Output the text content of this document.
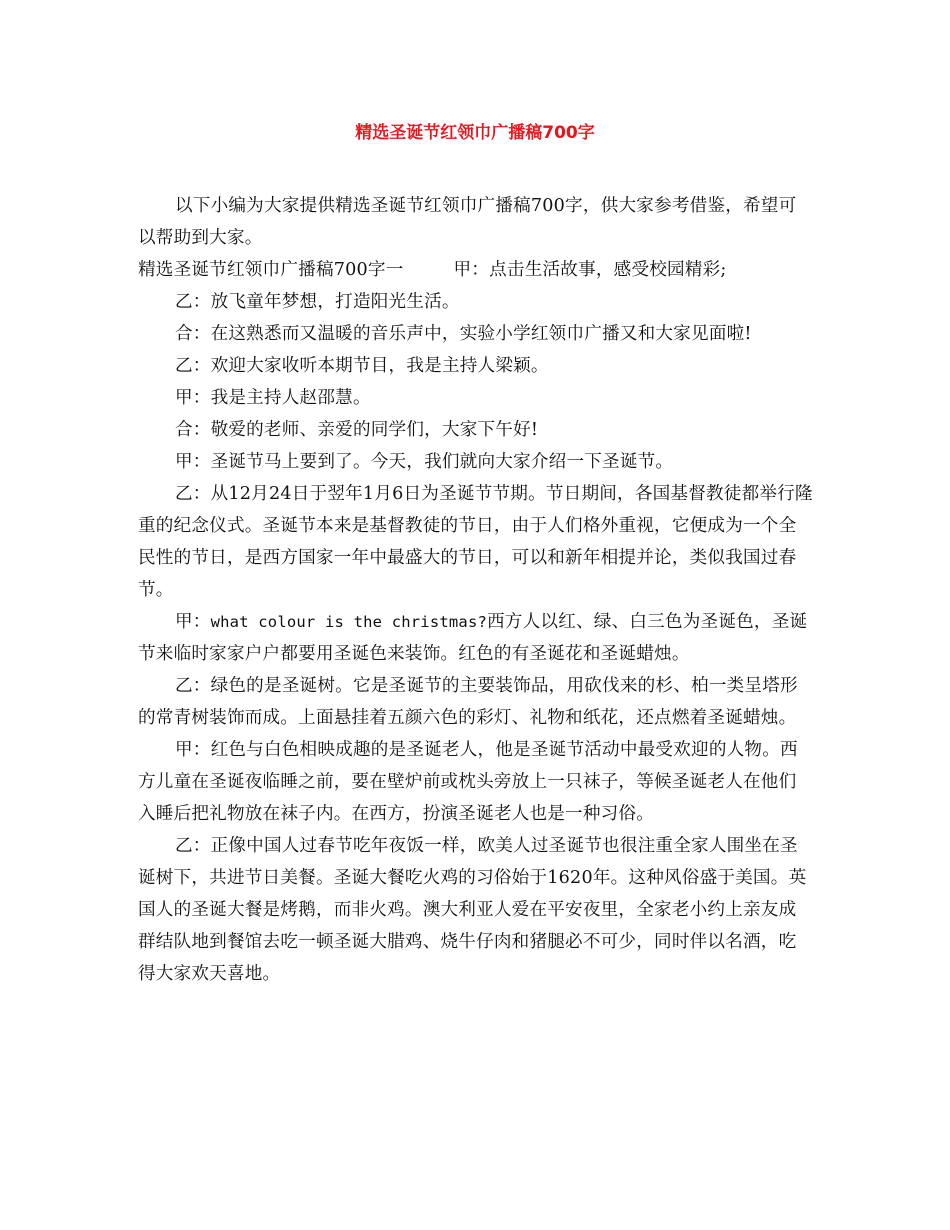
精选圣诞节红领巾广播稿700字

以下小编为大家提供精选圣诞节红领巾广播稿700字，供大家参考借鉴，希望可以帮助到大家。

精选圣诞节红领巾广播稿700字一	甲：点击生活故事，感受校园精彩;

乙：放飞童年梦想，打造阳光生活。

合：在这熟悉而又温暖的音乐声中，实验小学红领巾广播又和大家见面啦!

乙：欢迎大家收听本期节目，我是主持人梁颖。

甲：我是主持人赵邵慧。

合：敬爱的老师、亲爱的同学们，大家下午好!

甲：圣诞节马上要到了。今天，我们就向大家介绍一下圣诞节。

乙：从12月24日于翌年1月6日为圣诞节节期。节日期间，各国基督教徒都举行隆重的纪念仪式。圣诞节本来是基督教徒的节日，由于人们格外重视，它便成为一个全民性的节日，是西方国家一年中最盛大的节日，可以和新年相提并论，类似我国过春节。

甲：what colour is the christmas?西方人以红、绿、白三色为圣诞色，圣诞节来临时家家户户都要用圣诞色来装饰。红色的有圣诞花和圣诞蜡烛。

乙：绿色的是圣诞树。它是圣诞节的主要装饰品，用砍伐来的杉、柏一类呈塔形的常青树装饰而成。上面悬挂着五颜六色的彩灯、礼物和纸花，还点燃着圣诞蜡烛。

甲：红色与白色相映成趣的是圣诞老人，他是圣诞节活动中最受欢迎的人物。西方儿童在圣诞夜临睡之前，要在壁炉前或枕头旁放上一只袜子，等候圣诞老人在他们入睡后把礼物放在袜子内。在西方，扮演圣诞老人也是一种习俗。

乙：正像中国人过春节吃年夜饭一样，欧美人过圣诞节也很注重全家人围坐在圣诞树下，共进节日美餐。圣诞大餐吃火鸡的习俗始于1620年。这种风俗盛于美国。英国人的圣诞大餐是烤鹅，而非火鸡。澳大利亚人爱在平安夜里，全家老小约上亲友成群结队地到餐馆去吃一顿圣诞大腊鸡、烧牛仔肉和猪腿必不可少，同时伴以名酒，吃得大家欢天喜地。
